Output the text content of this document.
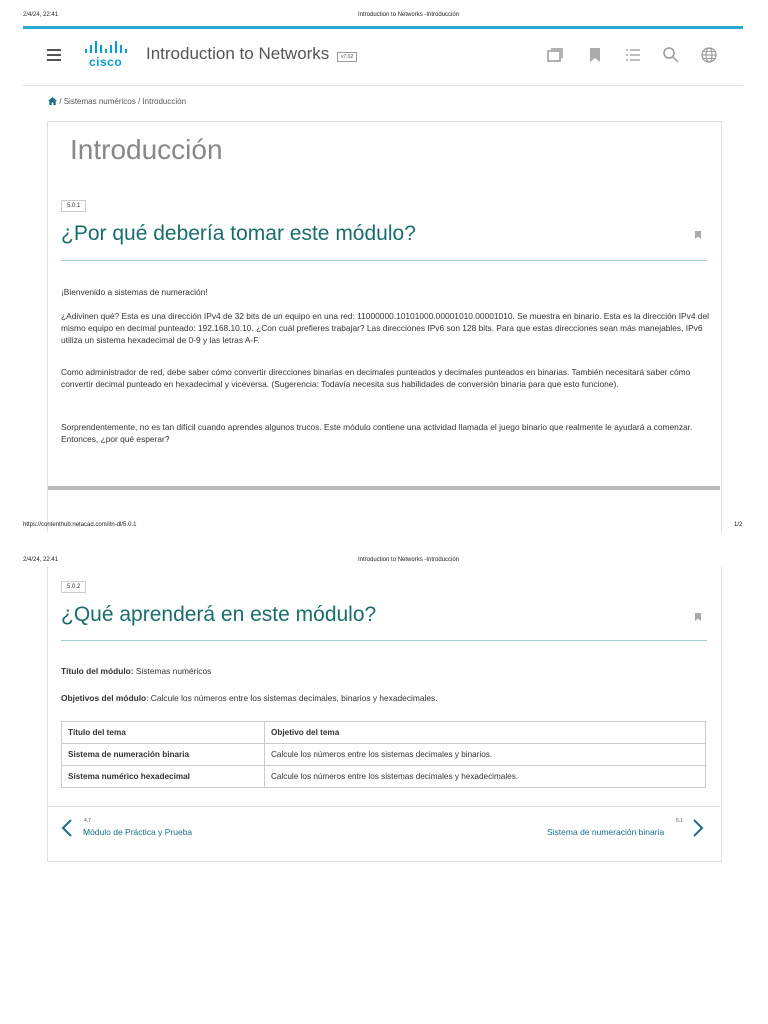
2/4/24, 22:41	Introduction to Networks -Introducción
cisco Introduction to Networks	v7.02
/ Sistemas numéricos / Introducción
Introducción
5.0.1
¿Por qué debería tomar este módulo?
¡Bienvenido a sistemas de numeración!
¿Adivinen qué? Esta es una dirección IPv4 de 32 bits de un equipo en una red: 11000000.10101000.00001010.00001010. Se muestra en binario. Esta es la dirección IPv4 del mismo equipo en decimal punteado: 192.168.10.10. ¿Con cuál prefieres trabajar? Las direcciones IPv6 son 128 bits. Para que estas direcciones sean más manejables, IPv6 utiliza un sistema hexadecimal de 0-9 y las letras A-F.
Como administrador de red, debe saber cómo convertir direcciones binarias en decimales punteados y decimales punteados en binarias. También necesitará saber cómo convertir decimal punteado en hexadecimal y viceversa. (Sugerencia: Todavía necesita sus habilidades de conversión binaria para que esto funcione).
Sorprendentemente, no es tan difícil cuando aprendes algunos trucos. Este módulo contiene una actividad llamada el juego binario que realmente le ayudará a comenzar. Entonces, ¿por qué esperar?
https://contenthub.netacad.com/itn-dl/5.0.1	1/2
2/4/24, 22:41	Introduction to Networks -Introducción
5.0.2
¿Qué aprenderá en este módulo?
Título del módulo: Sistemas numéricos
Objetivos del módulo: Calcule los números entre los sistemas decimales, binarios y hexadecimales.
Título del tema	Objetivo del tema
Sistema de numeración binaria	Calcule los números entre los sistemas decimales y binarios.
Sistema numérico hexadecimal	Calcule los números entre los sistemas decimales y hexadecimales.
4.7
Módulo de Práctica y Prueba
5.1
Sistema de numeración binaria
